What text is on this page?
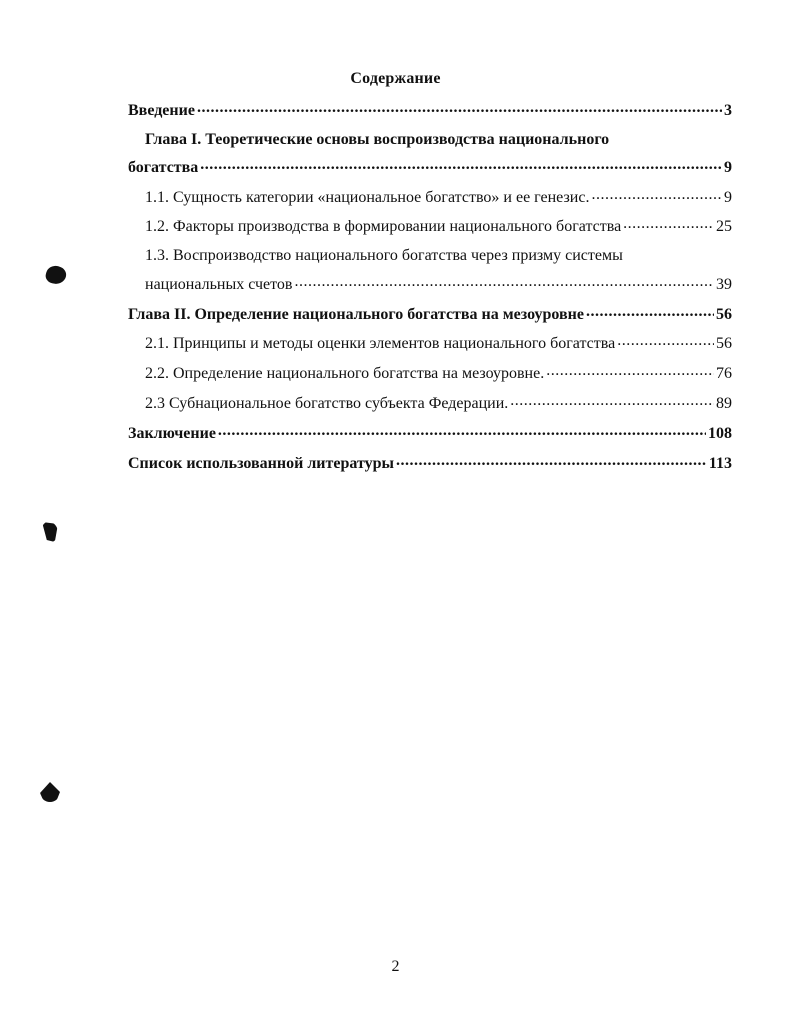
Содержание
Введение .....	3
Глава I. Теоретические основы воспроизводства национального
богатства .....	9
1.1. Сущность категории «национальное богатство» и ее генезис. .....	9
1.2. Факторы производства в формировании национального богатства .....	25
1.3. Воспроизводство национального богатства через призму системы
национальных счетов .....	39
Глава II. Определение национального богатства на мезоуровне .....	56
2.1. Принципы и методы оценки элементов национального богатства .....	56
2.2. Определение национального богатства на мезоуровне. .....	76
2.3 Субнациональное богатство субъекта Федерации. .....	89
Заключение .....	108
Список использованной литературы .....	113
2
